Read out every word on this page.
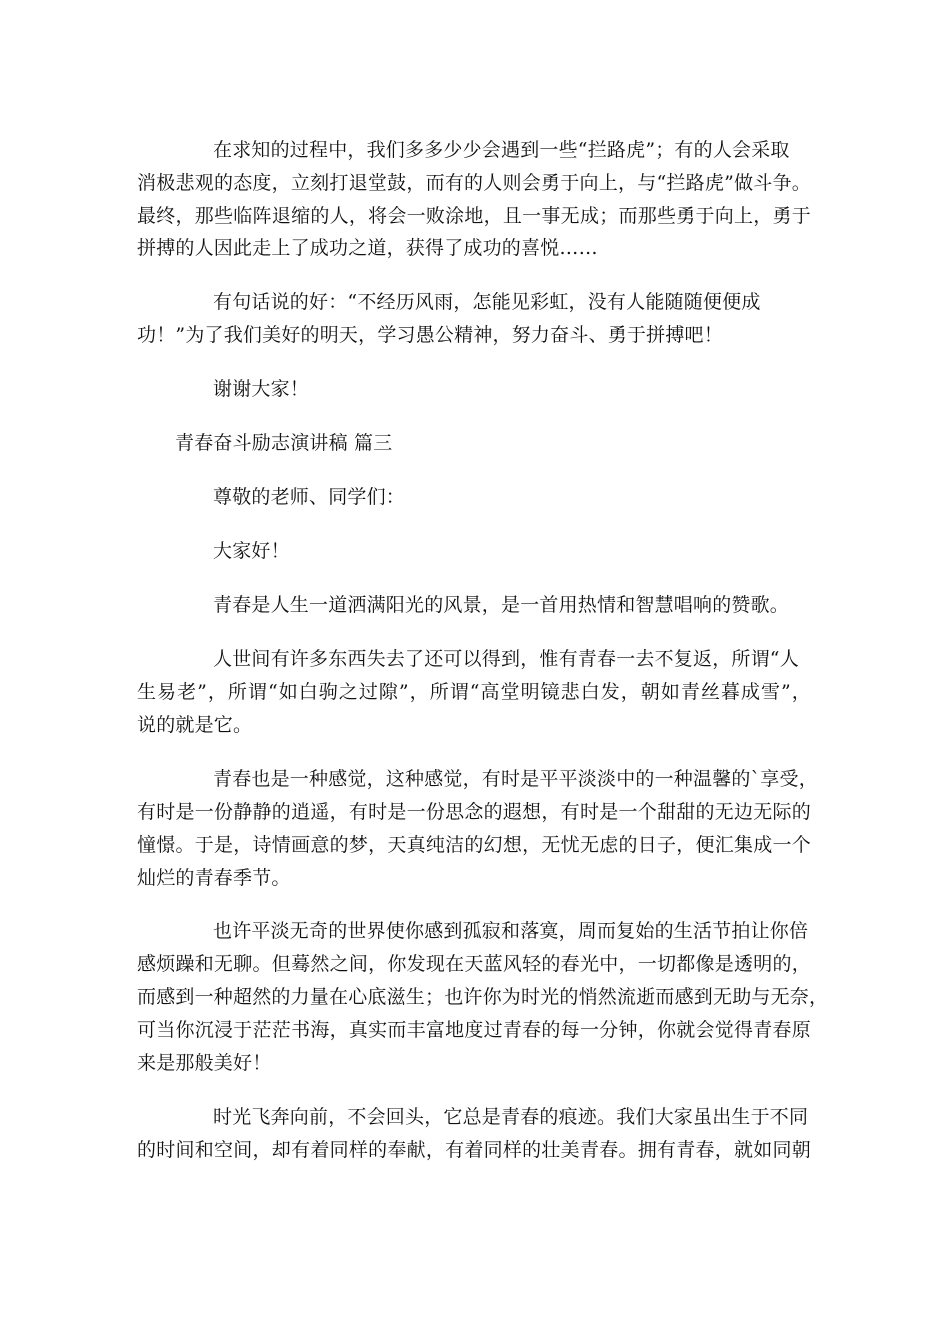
在求知的过程中，我们多多少少会遇到一些“拦路虎”；有的人会采取
消极悲观的态度，立刻打退堂鼓，而有的人则会勇于向上，与“拦路虎”做斗争。
最终，那些临阵退缩的人，将会一败涂地，且一事无成；而那些勇于向上，勇于
拼搏的人因此走上了成功之道，获得了成功的喜悦……
有句话说的好：“不经历风雨，怎能见彩虹，没有人能随随便便成
功！”为了我们美好的明天，学习愚公精神，努力奋斗、勇于拼搏吧！
谢谢大家！
青春奋斗励志演讲稿 篇三
尊敬的老师、同学们：
大家好！
青春是人生一道洒满阳光的风景，是一首用热情和智慧唱响的赞歌。
人世间有许多东西失去了还可以得到，惟有青春一去不复返，所谓“人
生易老”，所谓“如白驹之过隙”，所谓“高堂明镜悲白发，朝如青丝暮成雪”，
说的就是它。
青春也是一种感觉，这种感觉，有时是平平淡淡中的一种温馨的`享受，
有时是一份静静的逍遥，有时是一份思念的遐想，有时是一个甜甜的无边无际的
憧憬。于是，诗情画意的梦，天真纯洁的幻想，无忧无虑的日子，便汇集成一个
灿烂的青春季节。
也许平淡无奇的世界使你感到孤寂和落寞，周而复始的生活节拍让你倍
感烦躁和无聊。但蓦然之间，你发现在天蓝风轻的春光中，一切都像是透明的，
而感到一种超然的力量在心底滋生；也许你为时光的悄然流逝而感到无助与无奈，
可当你沉浸于茫茫书海，真实而丰富地度过青春的每一分钟，你就会觉得青春原
来是那般美好！
时光飞奔向前，不会回头，它总是青春的痕迹。我们大家虽出生于不同
的时间和空间，却有着同样的奉献，有着同样的壮美青春。拥有青春，就如同朝
